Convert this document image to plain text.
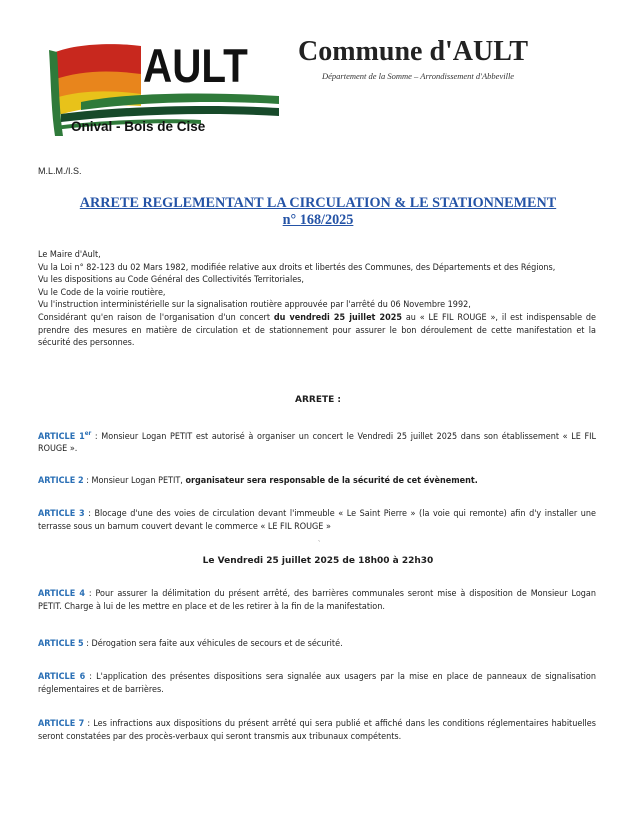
AULT
Onival - Bois de Cise
Commune d'AULT
Département de la Somme – Arrondissement d'Abbeville
M.L.M./I.S.
ARRETE REGLEMENTANT LA CIRCULATION & LE STATIONNEMENT
n° 168/2025
Le Maire d'Ault,
Vu la Loi n° 82-123 du 02 Mars 1982, modifiée relative aux droits et libertés des Communes, des Départements et des Régions,
Vu les dispositions au Code Général des Collectivités Territoriales,
Vu le Code de la voirie routière,
Vu l'instruction interministérielle sur la signalisation routière approuvée par l'arrêté du 06 Novembre 1992,
Considérant qu'en raison de l'organisation d'un concert du vendredi 25 juillet 2025 au « LE FIL ROUGE », il est indispensable de prendre des mesures en matière de circulation et de stationnement pour assurer le bon déroulement de cette manifestation et la sécurité des personnes.
ARRETE :
ARTICLE 1er : Monsieur Logan PETIT est autorisé à organiser un concert le Vendredi 25 juillet 2025 dans son établissement « LE FIL ROUGE ».
ARTICLE 2 : Monsieur Logan PETIT, organisateur sera responsable de la sécurité de cet évènement.
ARTICLE 3 : Blocage d'une des voies de circulation devant l'immeuble « Le Saint Pierre » (la voie qui remonte) afin d'y installer une terrasse sous un barnum couvert devant le commerce « LE FIL ROUGE »
`
Le Vendredi 25 juillet 2025 de 18h00 à 22h30
ARTICLE 4 : Pour assurer la délimitation du présent arrêté, des barrières communales seront mise à disposition de Monsieur Logan PETIT. Charge à lui de les mettre en place et de les retirer à la fin de la manifestation.
ARTICLE 5 : Dérogation sera faite aux véhicules de secours et de sécurité.
ARTICLE 6 : L'application des présentes dispositions sera signalée aux usagers par la mise en place de panneaux de signalisation réglementaires et de barrières.
ARTICLE 7 : Les infractions aux dispositions du présent arrêté qui sera publié et affiché dans les conditions réglementaires habituelles seront constatées par des procès-verbaux qui seront transmis aux tribunaux compétents.
